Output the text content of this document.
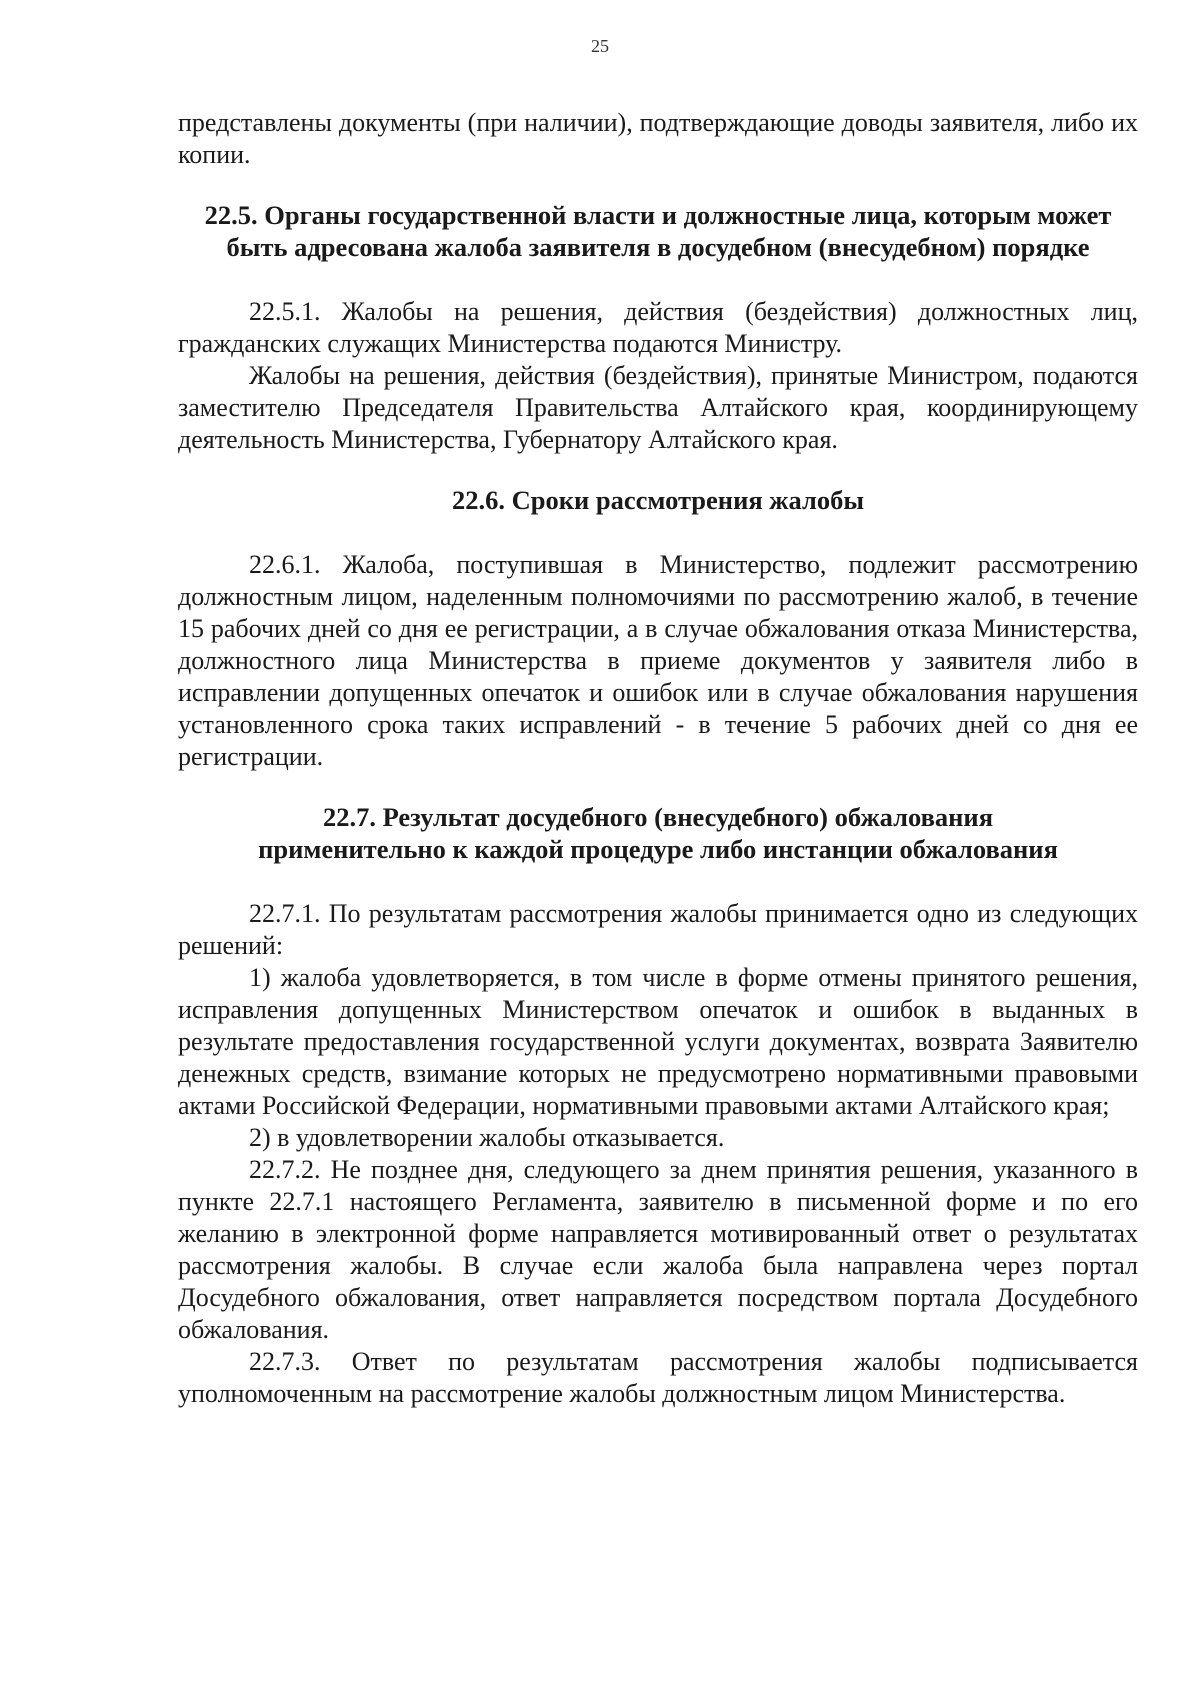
25

представлены документы (при наличии), подтверждающие доводы заявителя, либо их копии.

22.5. Органы государственной власти и должностные лица, которым может
быть адресована жалоба заявителя в досудебном (внесудебном) порядке

22.5.1. Жалобы на решения, действия (бездействия) должностных лиц, гражданских служащих Министерства подаются Министру.

Жалобы на решения, действия (бездействия), принятые Министром, подаются заместителю Председателя Правительства Алтайского края, координирующему деятельность Министерства, Губернатору Алтайского края.

22.6. Сроки рассмотрения жалобы

22.6.1. Жалоба, поступившая в Министерство, подлежит рассмотрению должностным лицом, наделенным полномочиями по рассмотрению жалоб, в течение 15 рабочих дней со дня ее регистрации, а в случае обжалования отказа Министерства, должностного лица Министерства в приеме документов у заявителя либо в исправлении допущенных опечаток и ошибок или в случае обжалования нарушения установленного срока таких исправлений - в течение 5 рабочих дней со дня ее регистрации.

22.7. Результат досудебного (внесудебного) обжалования
применительно к каждой процедуре либо инстанции обжалования

22.7.1. По результатам рассмотрения жалобы принимается одно из следующих решений:

1) жалоба удовлетворяется, в том числе в форме отмены принятого решения, исправления допущенных Министерством опечаток и ошибок в выданных в результате предоставления государственной услуги документах, возврата Заявителю денежных средств, взимание которых не предусмотрено нормативными правовыми актами Российской Федерации, нормативными правовыми актами Алтайского края;

2) в удовлетворении жалобы отказывается.

22.7.2. Не позднее дня, следующего за днем принятия решения, указанного в пункте 22.7.1 настоящего Регламента, заявителю в письменной форме и по его желанию в электронной форме направляется мотивированный ответ о результатах рассмотрения жалобы. В случае если жалоба была направлена через портал Досудебного обжалования, ответ направляется посредством портала Досудебного обжалования.

22.7.3. Ответ по результатам рассмотрения жалобы подписывается уполномоченным на рассмотрение жалобы должностным лицом Министерства.
